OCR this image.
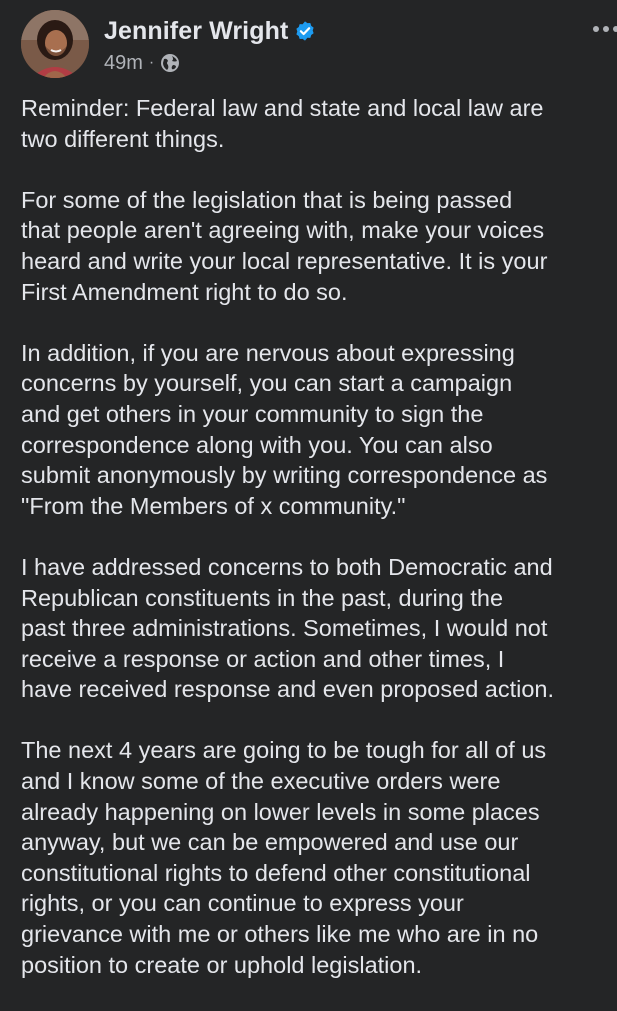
Jennifer Wright
49m ·
Reminder: Federal law and state and local law are
two different things.
For some of the legislation that is being passed
that people aren't agreeing with, make your voices
heard and write your local representative. It is your
First Amendment right to do so.
In addition, if you are nervous about expressing
concerns by yourself, you can start a campaign
and get others in your community to sign the
correspondence along with you. You can also
submit anonymously by writing correspondence as
"From the Members of x community."
I have addressed concerns to both Democratic and
Republican constituents in the past, during the
past three administrations. Sometimes, I would not
receive a response or action and other times, I
have received response and even proposed action.
The next 4 years are going to be tough for all of us
and I know some of the executive orders were
already happening on lower levels in some places
anyway, but we can be empowered and use our
constitutional rights to defend other constitutional
rights, or you can continue to express your
grievance with me or others like me who are in no
position to create or uphold legislation.
